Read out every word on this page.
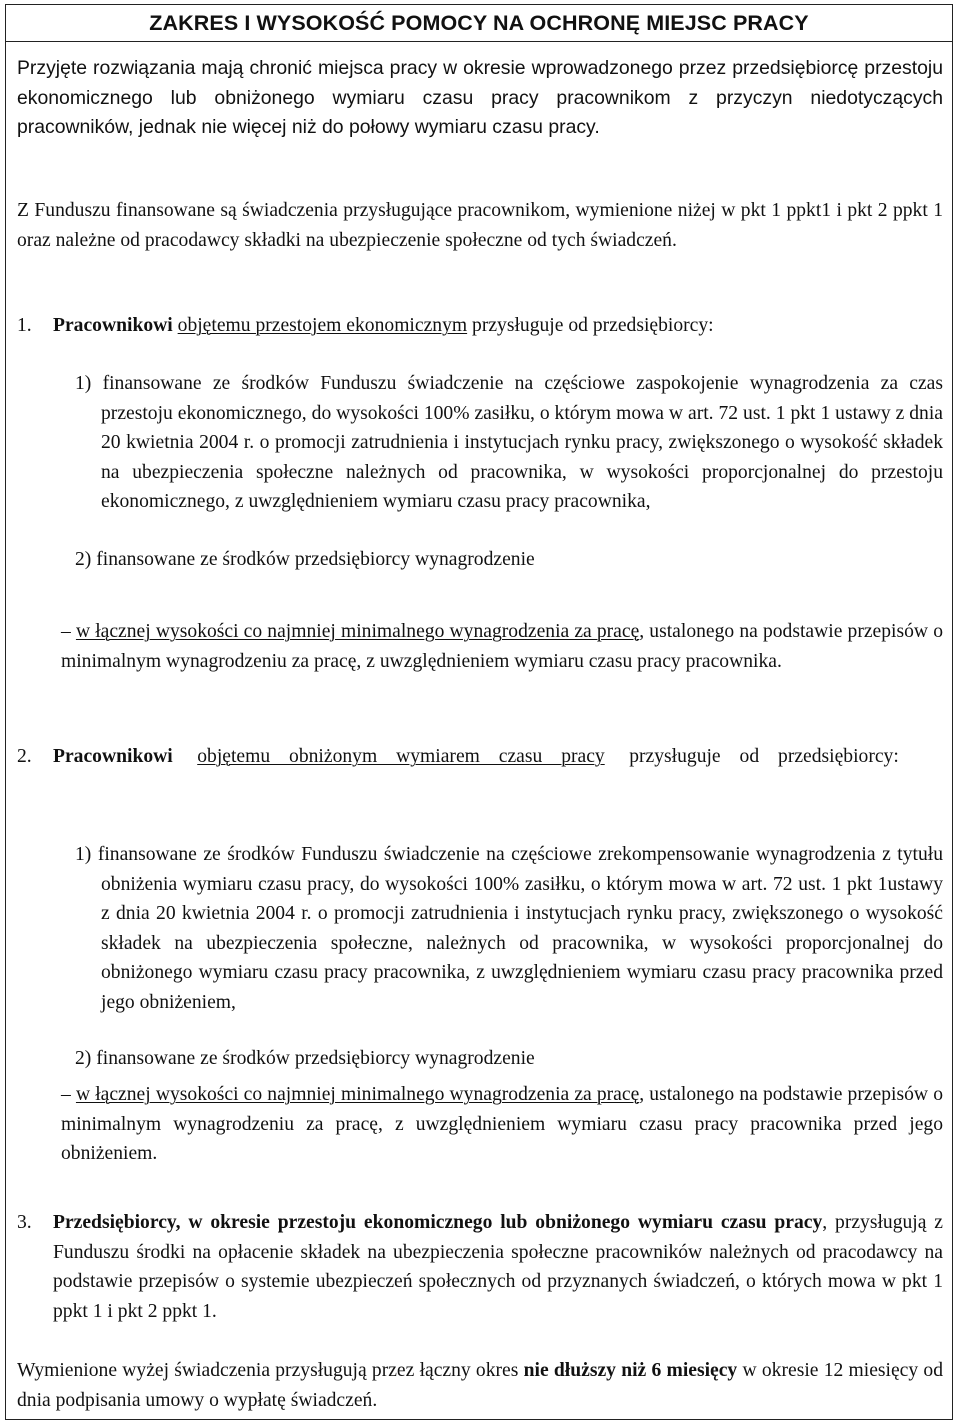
ZAKRES I WYSOKOŚĆ POMOCY NA OCHRONĘ MIEJSC PRACY

Przyjęte rozwiązania mają chronić miejsca pracy w okresie wprowadzonego przez przedsiębiorcę przestoju ekonomicznego lub obniżonego wymiaru czasu pracy pracownikom z przyczyn niedotyczących pracowników, jednak nie więcej niż do połowy wymiaru czasu pracy.

Z Funduszu finansowane są świadczenia przysługujące pracownikom, wymienione niżej w pkt 1 ppkt1 i pkt 2 ppkt 1 oraz należne od pracodawcy składki na ubezpieczenie społeczne od tych świadczeń.

1. Pracownikowi objętemu przestojem ekonomicznym przysługuje od przedsiębiorcy:

1) finansowane ze środków Funduszu świadczenie na częściowe zaspokojenie wynagrodzenia za czas przestoju ekonomicznego, do wysokości 100% zasiłku, o którym mowa w art. 72 ust. 1 pkt 1 ustawy z dnia 20 kwietnia 2004 r. o promocji zatrudnienia i instytucjach rynku pracy, zwiększonego o wysokość składek na ubezpieczenia społeczne należnych od pracownika, w wysokości proporcjonalnej do przestoju ekonomicznego, z uwzględnieniem wymiaru czasu pracy pracownika,

2) finansowane ze środków przedsiębiorcy wynagrodzenie

– w łącznej wysokości co najmniej minimalnego wynagrodzenia za pracę, ustalonego na podstawie przepisów o minimalnym wynagrodzeniu za pracę, z uwzględnieniem wymiaru czasu pracy pracownika.

2. Pracownikowi objętemu obniżonym wymiarem czasu pracy przysługuje od przedsiębiorcy:

1) finansowane ze środków Funduszu świadczenie na częściowe zrekompensowanie wynagrodzenia z tytułu obniżenia wymiaru czasu pracy, do wysokości 100% zasiłku, o którym mowa w art. 72 ust. 1 pkt 1ustawy z dnia 20 kwietnia 2004 r. o promocji zatrudnienia i instytucjach rynku pracy, zwiększonego o wysokość składek na ubezpieczenia społeczne, należnych od pracownika, w wysokości proporcjonalnej do obniżonego wymiaru czasu pracy pracownika, z uwzględnieniem wymiaru czasu pracy pracownika przed jego obniżeniem,

2) finansowane ze środków przedsiębiorcy wynagrodzenie

– w łącznej wysokości co najmniej minimalnego wynagrodzenia za pracę, ustalonego na podstawie przepisów o minimalnym wynagrodzeniu za pracę, z uwzględnieniem wymiaru czasu pracy pracownika przed jego obniżeniem.

3. Przedsiębiorcy, w okresie przestoju ekonomicznego lub obniżonego wymiaru czasu pracy, przysługują z Funduszu środki na opłacenie składek na ubezpieczenia społeczne pracowników należnych od pracodawcy na podstawie przepisów o systemie ubezpieczeń społecznych od przyznanych świadczeń, o których mowa w pkt 1 ppkt 1 i pkt 2 ppkt 1.

Wymienione wyżej świadczenia przysługują przez łączny okres nie dłuższy niż 6 miesięcy w okresie 12 miesięcy od dnia podpisania umowy o wypłatę świadczeń.
